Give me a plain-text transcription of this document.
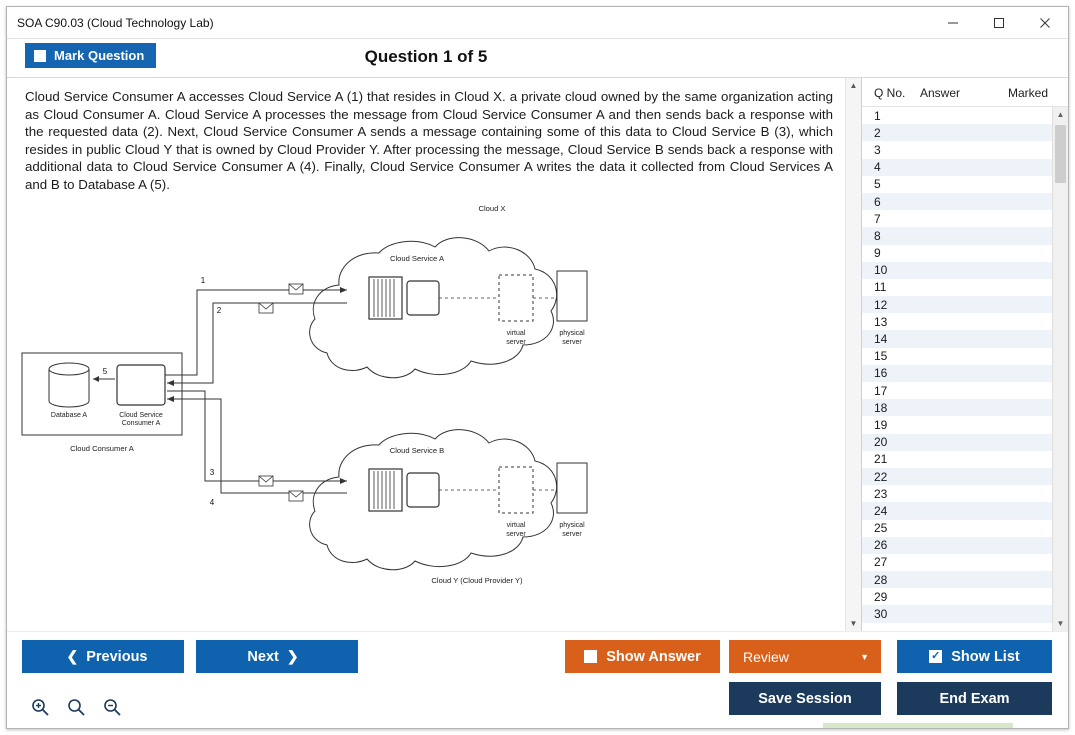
SOA C90.03 (Cloud Technology Lab)
Mark Question	Question 1 of 5
Cloud Service Consumer A accesses Cloud Service A (1) that resides in Cloud X. a private cloud owned by the same organization acting as Cloud Consumer A. Cloud Service A processes the message from Cloud Service Consumer A and then sends back a response with the requested data (2). Next, Cloud Service Consumer A sends a message containing some of this data to Cloud Service B (3), which resides in public Cloud Y that is owned by Cloud Provider Y. After processing the message, Cloud Service B sends back a response with additional data to Cloud Service Consumer A (4). Finally, Cloud Service Consumer A writes the data it collected from Cloud Services A and B to Database A (5).
Cloud X
Cloud Service A
virtual
server
physical
server
Cloud Service B
virtual
server
physical
server
Cloud Y (Cloud Provider Y)
Database A	Cloud Service
Consumer A
Cloud Consumer A
5
1
2
3
4
▲
▼
Q No.	Answer	Marked
1
2
3
4
5
6
7
8
9
10
11
12
13
14
15
16
17
18
19
20
21
22
23
24
25
26
27
28
29
30
▲
▼
❮ Previous	Next ❯	Show Answer	Review	▼	✓ Show List
Save Session	End Exam
